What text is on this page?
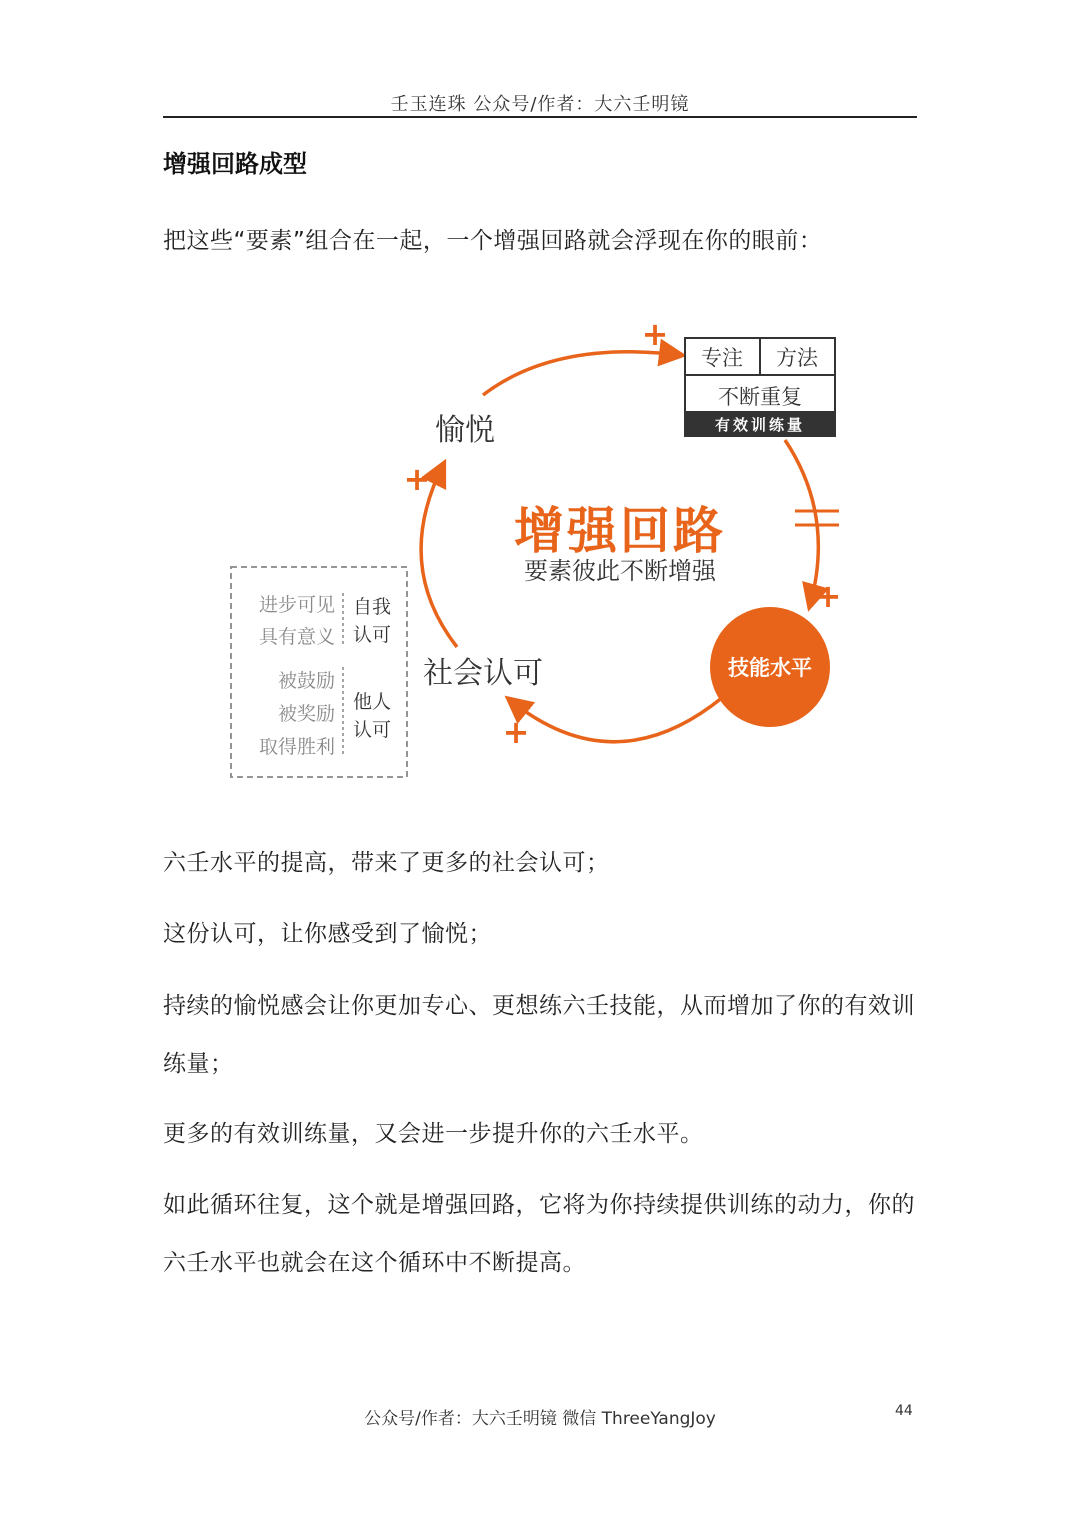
壬玉连珠 公众号/作者：大六壬明镜
增强回路成型
把这些“要素”组合在一起，一个增强回路就会浮现在你的眼前：
+
+
+
+
专注 方法
不断重复
有效训练量
愉悦
社会认可	技能水平
增强回路
要素彼此不断增强
进步可见
具有意义
自我
认可
被鼓励
被奖励
取得胜利
他人
认可
六壬水平的提高，带来了更多的社会认可；
这份认可，让你感受到了愉悦；
持续的愉悦感会让你更加专心、更想练六壬技能，从而增加了你的有效训练量；
更多的有效训练量，又会进一步提升你的六壬水平。
如此循环往复，这个就是增强回路，它将为你持续提供训练的动力，你的六壬水平也就会在这个循环中不断提高。
公众号/作者：大六壬明镜 微信 ThreeYangJoy	44
